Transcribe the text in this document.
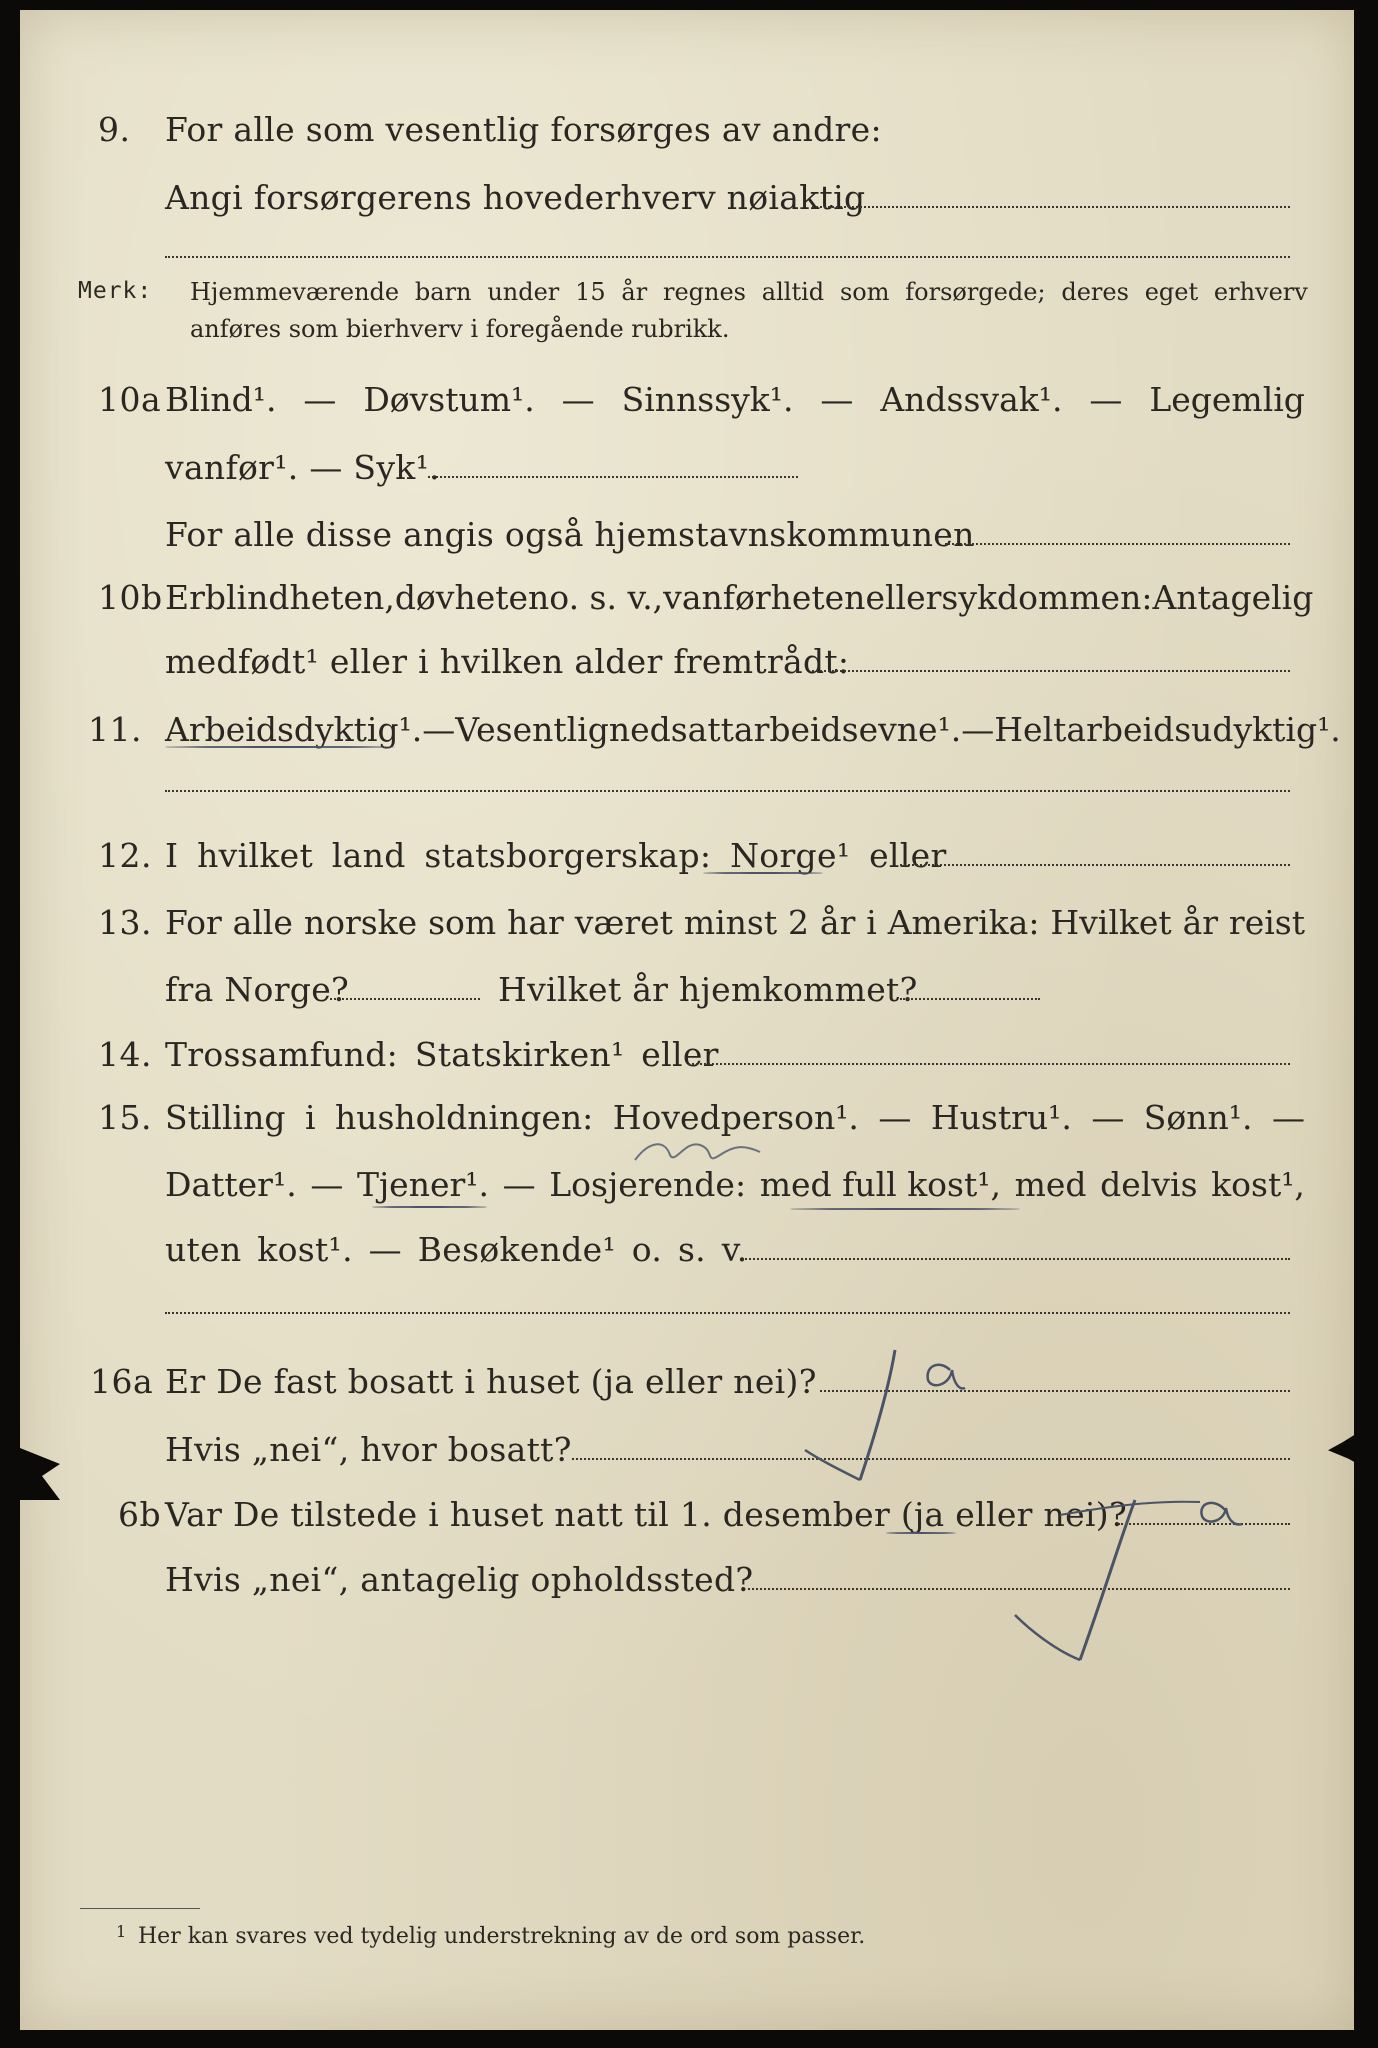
9. For alle som vesentlig forsørges av andre:
Angi forsørgerens hovederhverv nøiaktig
Merk: Hjemmeværende barn under 15 år regnes alltid som forsørgede; deres eget erhverv
anføres som bierhverv i foregående rubrikk.
10a Blind¹. — Døvstum¹. — Sinnssyk¹. — Andssvak¹. — Legemlig
vanfør¹. — Syk¹.
For alle disse angis også hjemstavnskommunen
10b Er blindheten, døvheten o. s. v., vanførheten eller sykdommen: Antagelig
medfødt¹ eller i hvilken alder fremtrådt:
11. Arbeidsdyktig¹. — Vesentlig nedsatt arbeidsevne¹. — Helt arbeidsudyktig¹.
12. I hvilket land statsborgerskap: Norge¹ eller
13. For alle norske som har været minst 2 år i Amerika: Hvilket år reist
fra Norge?	Hvilket år hjemkommet?
14. Trossamfund: Statskirken¹ eller
15. Stilling i husholdningen: Hovedperson¹. — Hustru¹. — Sønn¹. —
Datter¹. — Tjener¹. — Losjerende: med full kost¹, med delvis kost¹,
uten kost¹. — Besøkende¹ o. s. v.
16a Er De fast bosatt i huset (ja eller nei)?
Hvis „nei“, hvor bosatt?
6b Var De tilstede i huset natt til 1. desember (ja eller nei)?
Hvis „nei“, antagelig opholdssted?
1 Her kan svares ved tydelig understrekning av de ord som passer.
